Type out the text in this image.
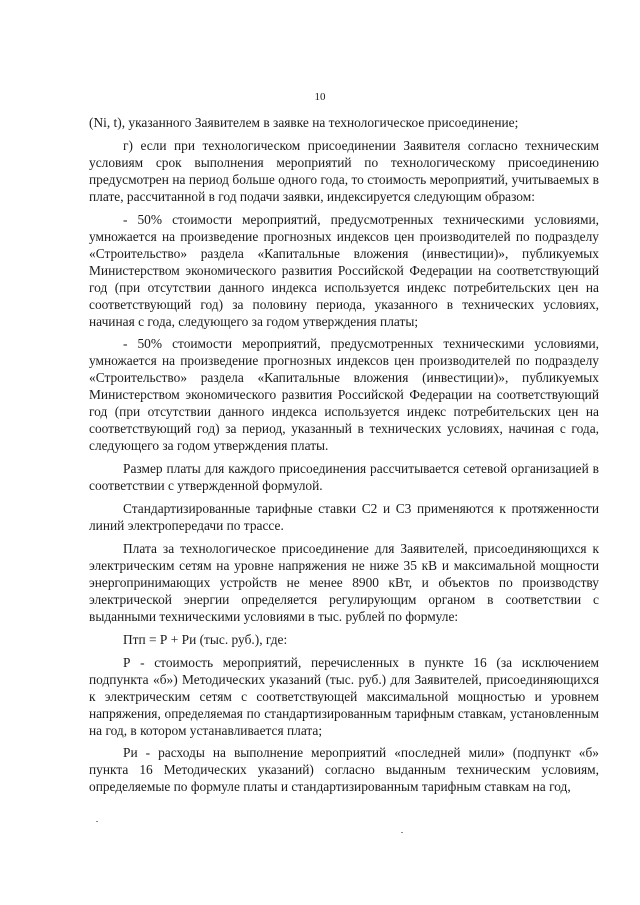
10

(Ni, t), указанного Заявителем в заявке на технологическое присоединение;

г) если при технологическом присоединении Заявителя согласно техническим условиям срок выполнения мероприятий по технологическому присоединению предусмотрен на период больше одного года, то стоимость мероприятий, учитываемых в плате, рассчитанной в год подачи заявки, индексируется следующим образом:

- 50% стоимости мероприятий, предусмотренных техническими условиями, умножается на произведение прогнозных индексов цен производителей по подразделу «Строительство» раздела «Капитальные вложения (инвестиции)», публикуемых Министерством экономического развития Российской Федерации на соответствующий год (при отсутствии данного индекса используется индекс потребительских цен на соответствующий год) за половину периода, указанного в технических условиях, начиная с года, следующего за годом утверждения платы;

- 50% стоимости мероприятий, предусмотренных техническими условиями, умножается на произведение прогнозных индексов цен производителей по подразделу «Строительство» раздела «Капитальные вложения (инвестиции)», публикуемых Министерством экономического развития Российской Федерации на соответствующий год (при отсутствии данного индекса используется индекс потребительских цен на соответствующий год) за период, указанный в технических условиях, начиная с года, следующего за годом утверждения платы.

Размер платы для каждого присоединения рассчитывается сетевой организацией в соответствии с утвержденной формулой.

Стандартизированные тарифные ставки С2 и С3 применяются к протяженности линий электропередачи по трассе.

Плата за технологическое присоединение для Заявителей, присоединяющихся к электрическим сетям на уровне напряжения не ниже 35 кВ и максимальной мощности энергопринимающих устройств не менее 8900 кВт, и объектов по производству электрической энергии определяется регулирующим органом в соответствии с выданными техническими условиями в тыс. рублей по формуле:

Птп = Р + Ри (тыс. руб.), где:

Р - стоимость мероприятий, перечисленных в пункте 16 (за исключением подпункта «б») Методических указаний (тыс. руб.) для Заявителей, присоединяющихся к электрическим сетям с соответствующей максимальной мощностью и уровнем напряжения, определяемая по стандартизированным тарифным ставкам, установленным на год, в котором устанавливается плата;

Ри - расходы на выполнение мероприятий «последней мили» (подпункт «б» пункта 16 Методических указаний) согласно выданным техническим условиям, определяемые по формуле платы и стандартизированным тарифным ставкам на год,
